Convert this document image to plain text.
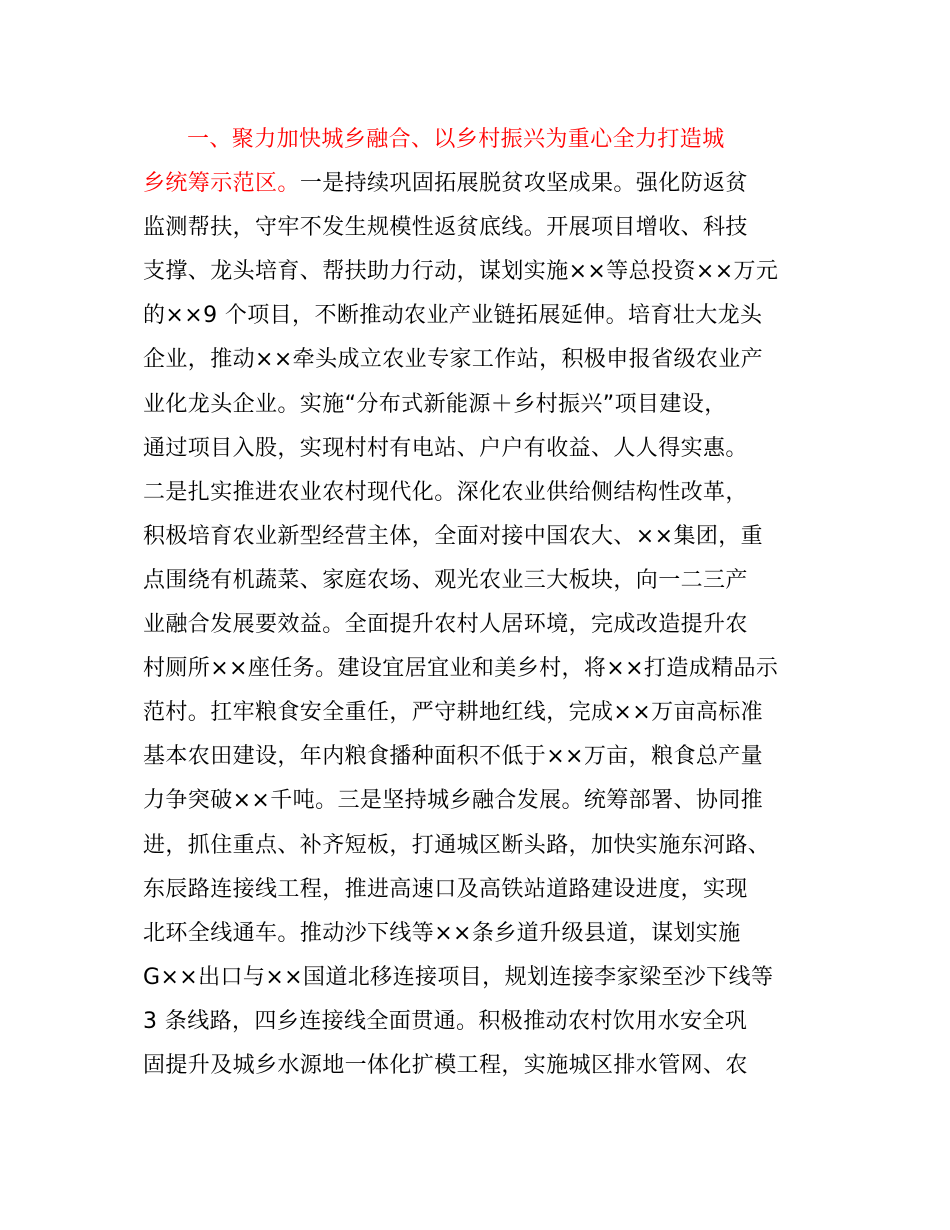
一、聚力加快城乡融合、以乡村振兴为重心全力打造城
乡统筹示范区。一是持续巩固拓展脱贫攻坚成果。强化防返贫
监测帮扶，守牢不发生规模性返贫底线。开展项目增收、科技
支撑、龙头培育、帮扶助力行动，谋划实施××等总投资××万元
的××9 个项目，不断推动农业产业链拓展延伸。培育壮大龙头
企业，推动××牵头成立农业专家工作站，积极申报省级农业产
业化龙头企业。实施“分布式新能源＋乡村振兴”项目建设，
通过项目入股，实现村村有电站、户户有收益、人人得实惠。
二是扎实推进农业农村现代化。深化农业供给侧结构性改革，
积极培育农业新型经营主体，全面对接中国农大、××集团，重
点围绕有机蔬菜、家庭农场、观光农业三大板块，向一二三产
业融合发展要效益。全面提升农村人居环境，完成改造提升农
村厕所××座任务。建设宜居宜业和美乡村，将××打造成精品示
范村。扛牢粮食安全重任，严守耕地红线，完成××万亩高标准
基本农田建设，年内粮食播种面积不低于××万亩，粮食总产量
力争突破××千吨。三是坚持城乡融合发展。统筹部署、协同推
进，抓住重点、补齐短板，打通城区断头路，加快实施东河路、
东辰路连接线工程，推进高速口及高铁站道路建设进度，实现
北环全线通车。推动沙下线等××条乡道升级县道，谋划实施
G××出口与××国道北移连接项目，规划连接李家梁至沙下线等
3 条线路，四乡连接线全面贯通。积极推动农村饮用水安全巩
固提升及城乡水源地一体化扩模工程，实施城区排水管网、农
